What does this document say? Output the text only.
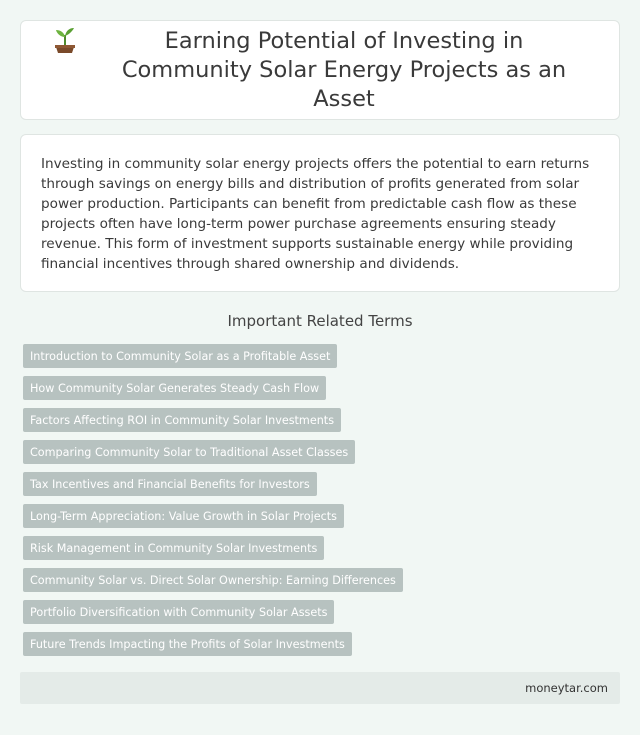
Earning Potential of Investing in Community Solar Energy Projects as an Asset

Investing in community solar energy projects offers the potential to earn returns through savings on energy bills and distribution of profits generated from solar power production. Participants can benefit from predictable cash flow as these projects often have long-term power purchase agreements ensuring steady revenue. This form of investment supports sustainable energy while providing financial incentives through shared ownership and dividends.

Important Related Terms
Introduction to Community Solar as a Profitable Asset
How Community Solar Generates Steady Cash Flow
Factors Affecting ROI in Community Solar Investments
Comparing Community Solar to Traditional Asset Classes
Tax Incentives and Financial Benefits for Investors
Long-Term Appreciation: Value Growth in Solar Projects
Risk Management in Community Solar Investments
Community Solar vs. Direct Solar Ownership: Earning Differences
Portfolio Diversification with Community Solar Assets
Future Trends Impacting the Profits of Solar Investments
moneytar.com
